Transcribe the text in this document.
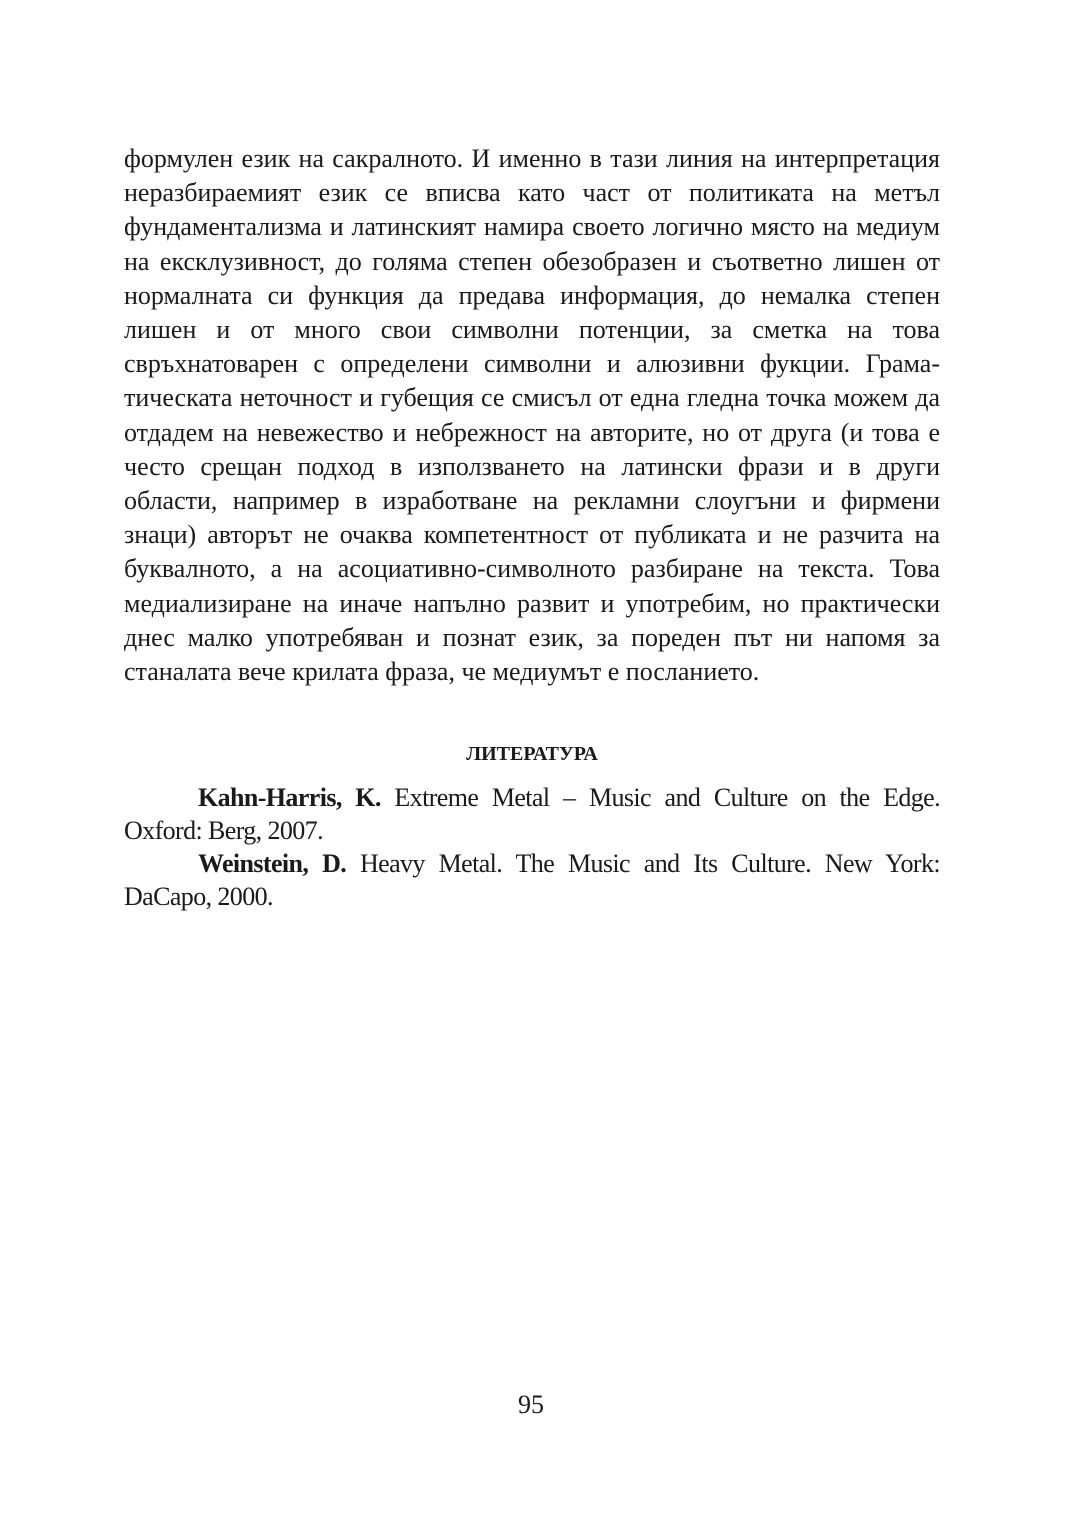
формулен език на сакралното. И именно в тази линия на интерпретация неразбираемият език се вписва като част от политиката на метъл фундаментализма и латинският намира своето логично място на медиум на ексклузивност, до голяма степен обезобразен и съответно лишен от нормалната си функция да предава информация, до немалка степен лишен и от много свои символни потенции, за сметка на това свръхнатоварен с определени символни и алюзивни фукции. Граматическата неточност и губещия се смисъл от една гледна точка можем да отдадем на невежество и небрежност на авторите, но от друга (и това е често срещан подход в използването на латински фрази и в други области, например в изработване на рекламни слоугъни и фирмени знаци) авторът не очаква компетентност от публиката и не разчита на буквалното, а на асоциативно-символното разбиране на текста. Това медиализиране на иначе напълно развит и употребим, но практически днес малко употребяван и познат език, за пореден път ни напомя за станалата вече крилата фраза, че медиумът е посланието.

ЛИТЕРАТУРА

Kahn-Harris, K. Extreme Metal – Music and Culture on the Edge. Oxford: Berg, 2007.

Weinstein, D. Heavy Metal. The Music and Its Culture. New York: DaCapo, 2000.

95
